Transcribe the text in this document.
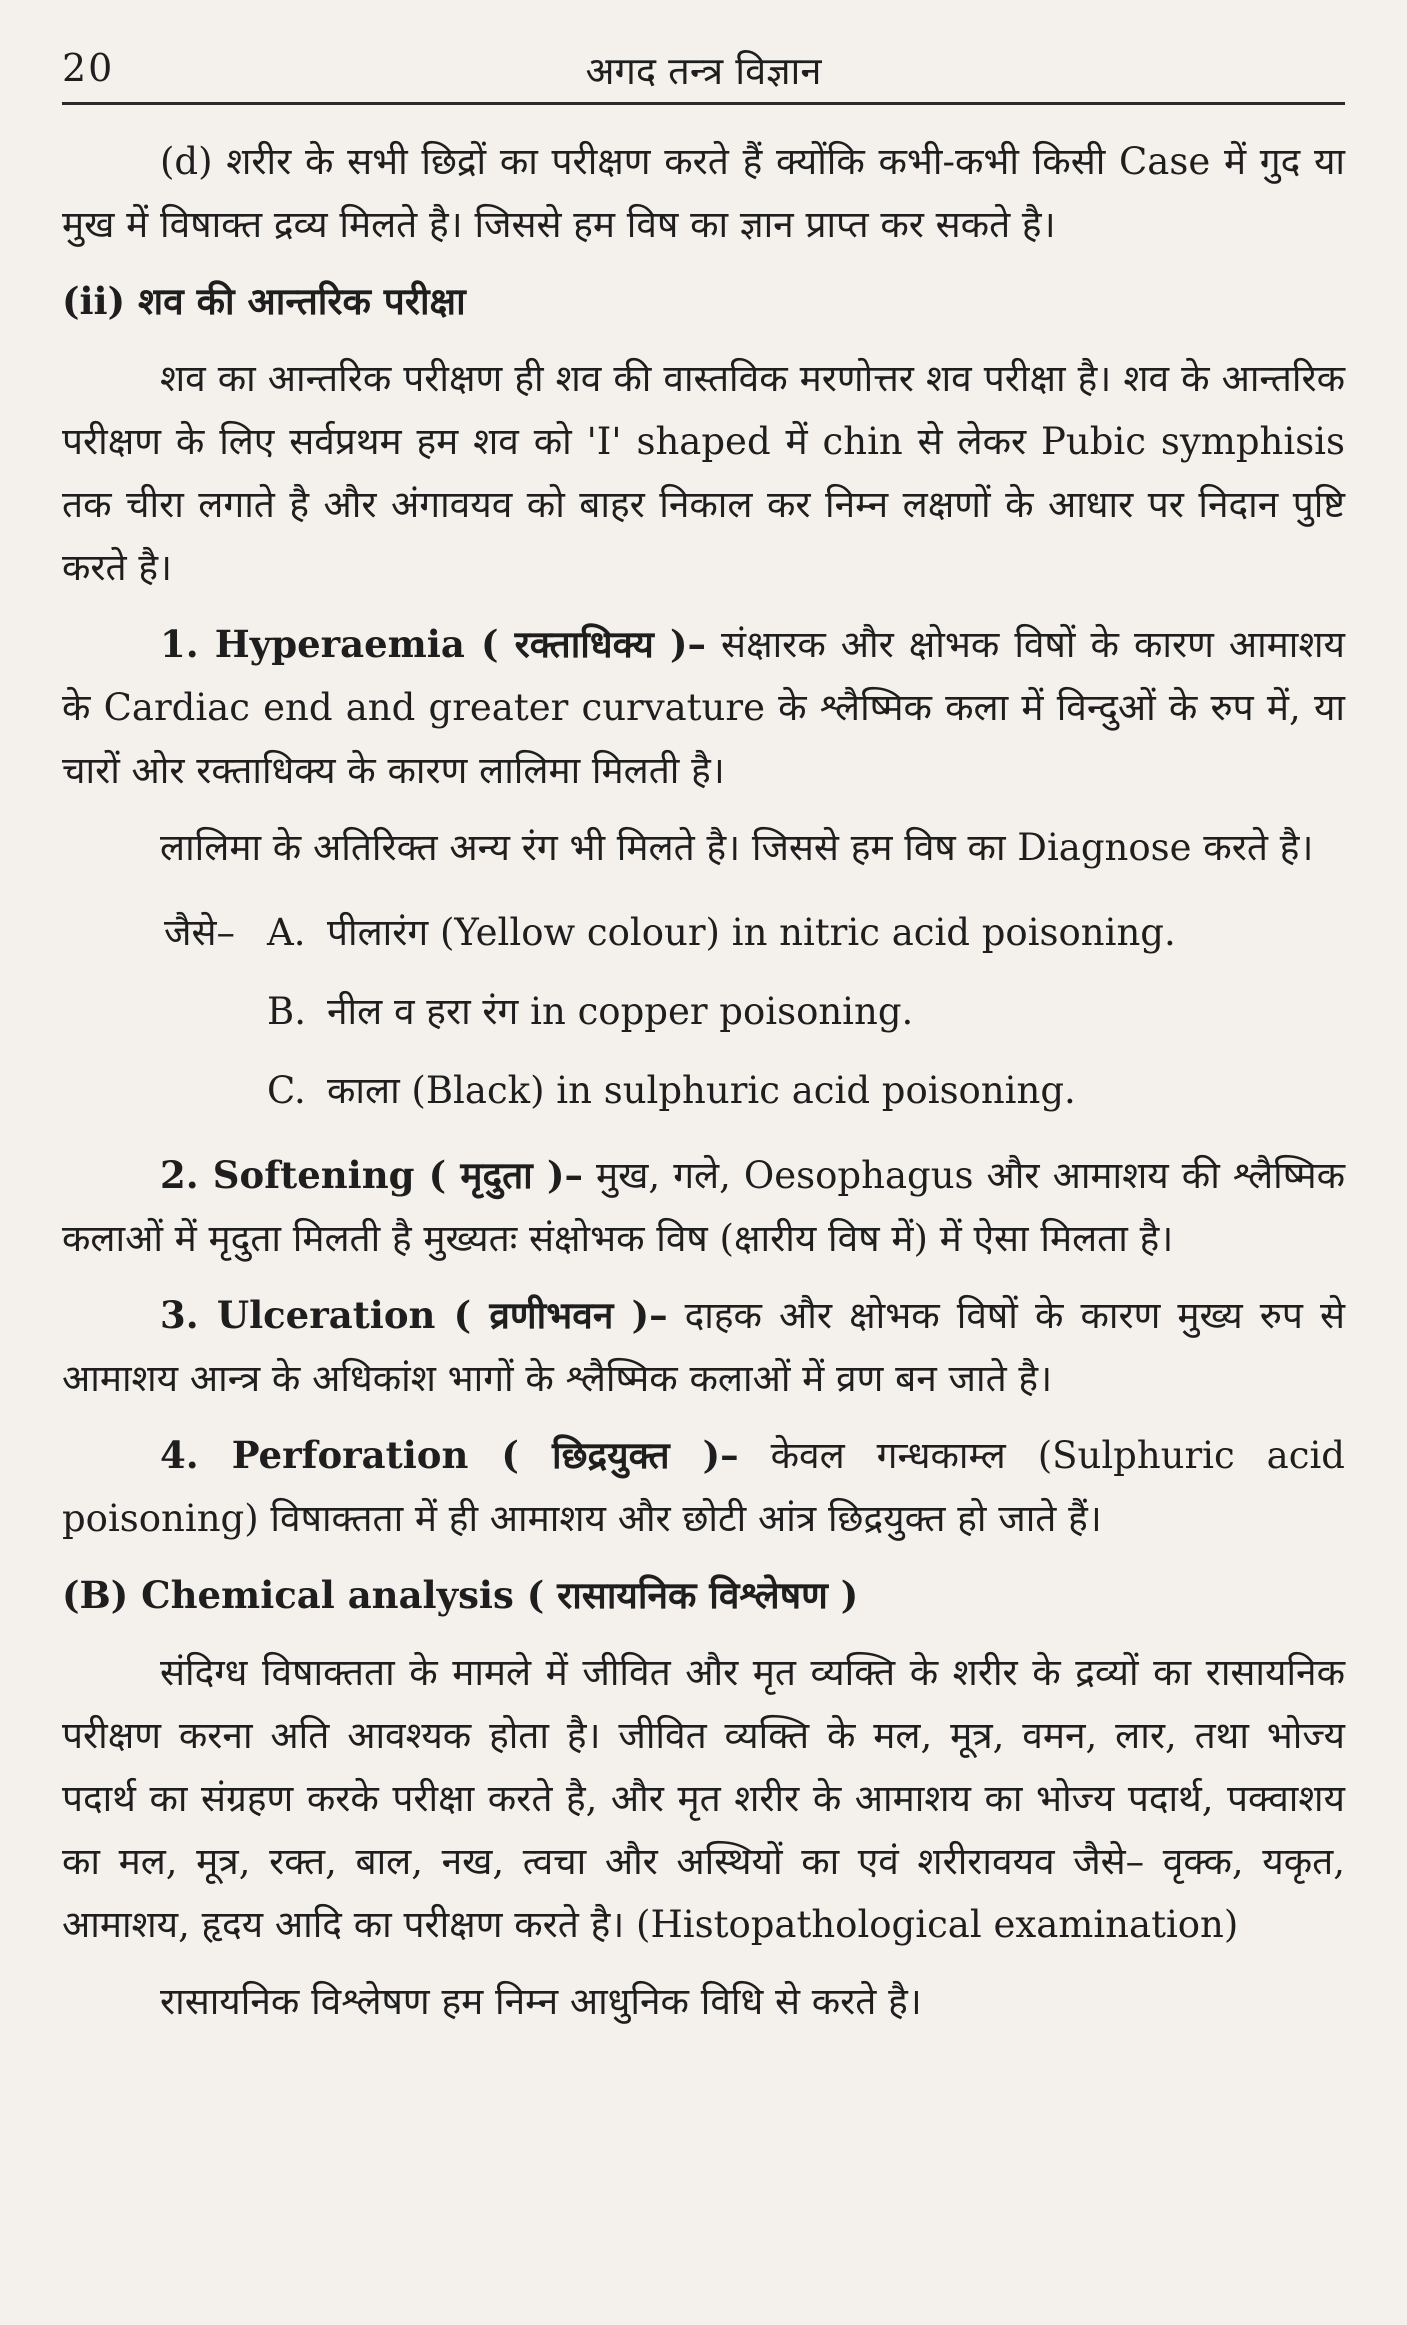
20	अगद तन्त्र विज्ञान

(d) शरीर के सभी छिद्रों का परीक्षण करते हैं क्योंकि कभी-कभी किसी Case में गुद या मुख में विषाक्त द्रव्य मिलते है। जिससे हम विष का ज्ञान प्राप्त कर सकते है।

(ii) शव की आन्तरिक परीक्षा

शव का आन्तरिक परीक्षण ही शव की वास्तविक मरणोत्तर शव परीक्षा है। शव के आन्तरिक परीक्षण के लिए सर्वप्रथम हम शव को 'I' shaped में chin से लेकर Pubic symphisis तक चीरा लगाते है और अंगावयव को बाहर निकाल कर निम्न लक्षणों के आधार पर निदान पुष्टि करते है।

1. Hyperaemia ( रक्ताधिक्य )– संक्षारक और क्षोभक विषों के कारण आमाशय के Cardiac end and greater curvature के श्लैष्मिक कला में विन्दुओं के रुप में, या चारों ओर रक्ताधिक्य के कारण लालिमा मिलती है।

लालिमा के अतिरिक्त अन्य रंग भी मिलते है। जिससे हम विष का Diagnose करते है।

जैसे– A. पीलारंग (Yellow colour) in nitric acid poisoning.
B. नील व हरा रंग in copper poisoning.
C. काला (Black) in sulphuric acid poisoning.

2. Softening ( मृदुता )– मुख, गले, Oesophagus और आमाशय की श्लैष्मिक कलाओं में मृदुता मिलती है मुख्यतः संक्षोभक विष (क्षारीय विष में) में ऐसा मिलता है।

3. Ulceration ( व्रणीभवन )– दाहक और क्षोभक विषों के कारण मुख्य रुप से आमाशय आन्त्र के अधिकांश भागों के श्लैष्मिक कलाओं में व्रण बन जाते है।

4. Perforation ( छिद्रयुक्त )– केवल गन्धकाम्ल (Sulphuric acid poisoning) विषाक्तता में ही आमाशय और छोटी आंत्र छिद्रयुक्त हो जाते हैं।

(B) Chemical analysis ( रासायनिक विश्लेषण )

संदिग्ध विषाक्तता के मामले में जीवित और मृत व्यक्ति के शरीर के द्रव्यों का रासायनिक परीक्षण करना अति आवश्यक होता है। जीवित व्यक्ति के मल, मूत्र, वमन, लार, तथा भोज्य पदार्थ का संग्रहण करके परीक्षा करते है, और मृत शरीर के आमाशय का भोज्य पदार्थ, पक्वाशय का मल, मूत्र, रक्त, बाल, नख, त्वचा और अस्थियों का एवं शरीरावयव जैसे– वृक्क, यकृत, आमाशय, हृदय आदि का परीक्षण करते है। (Histopathological examination)

रासायनिक विश्लेषण हम निम्न आधुनिक विधि से करते है।
